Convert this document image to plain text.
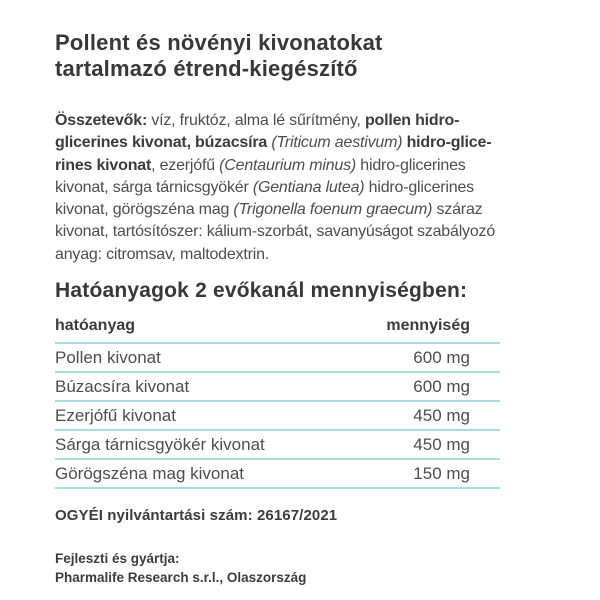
Pollent és növényi kivonatokat
tartalmazó étrend-kiegészítő

Összetevők: víz, fruktóz, alma lé sűrítmény, pollen hidro-
glicerines kivonat, búzacsíra (Triticum aestivum) hidro-glice-
rines kivonat, ezerjófű (Centaurium minus) hidro-glicerines
kivonat, sárga tárnicsgyökér (Gentiana lutea) hidro-glicerines
kivonat, görögszéna mag (Trigonella foenum graecum) száraz
kivonat, tartósítószer: kálium-szorbát, savanyúságot szabályozó
anyag: citromsav, maltodextrin.

Hatóanyagok 2 evőkanál mennyiségben:
hatóanyag	mennyiség
Pollen kivonat	600 mg
Búzacsíra kivonat	600 mg
Ezerjófű kivonat	450 mg
Sárga tárnicsgyökér kivonat	450 mg
Görögszéna mag kivonat	150 mg

OGYÉI nyilvántartási szám: 26167/2021

Fejleszti és gyártja:
Pharmalife Research s.r.l., Olaszország
